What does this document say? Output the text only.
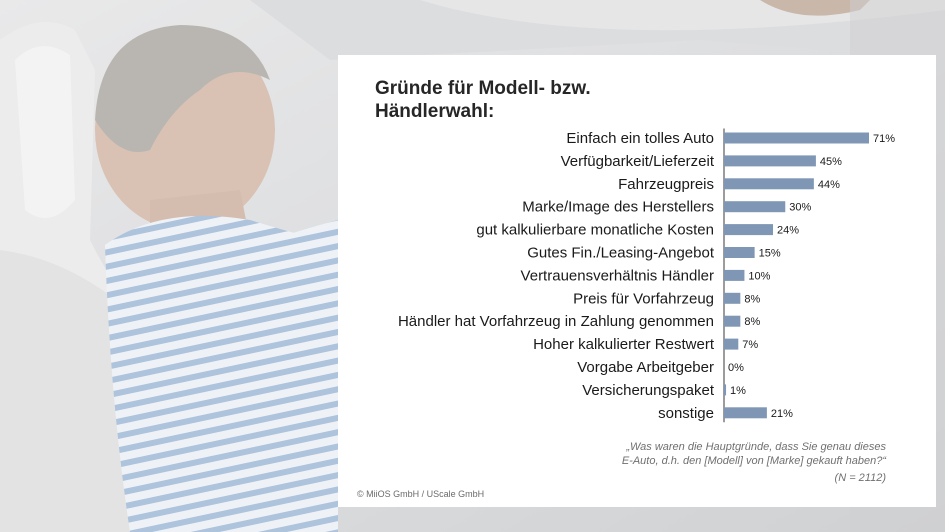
Gründe für Modell- bzw.
Händlerwahl:
Einfach ein tolles Auto	71%
Verfügbarkeit/Lieferzeit	45%
Fahrzeugpreis	44%
Marke/Image des Herstellers	30%
gut kalkulierbare monatliche Kosten	24%
Gutes Fin./Leasing-Angebot	15%
Vertrauensverhältnis Händler	10%
Preis für Vorfahrzeug	8%
Händler hat Vorfahrzeug in Zahlung genommen	8%
Hoher kalkulierter Restwert	7%
Vorgabe Arbeitgeber 0%
Versicherungspaket 1%
sonstige	21%
„Was waren die Hauptgründe, dass Sie genau dieses
E-Auto, d.h. den [Modell] von [Marke] gekauft haben?“
(N = 2112)
© MiiOS GmbH / UScale GmbH
